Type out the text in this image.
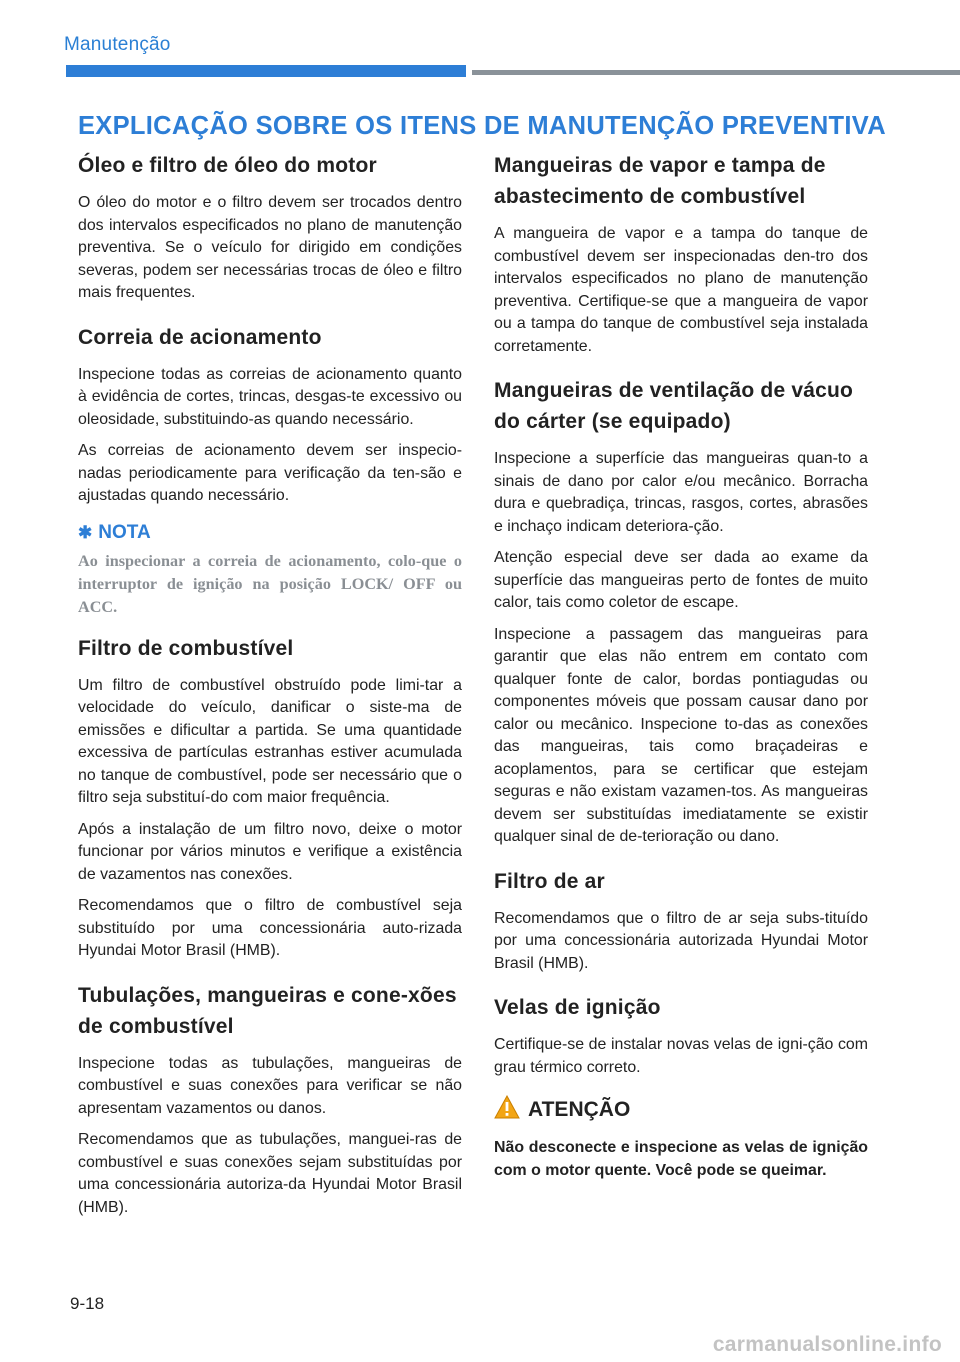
Manutenção
EXPLICAÇÃO SOBRE OS ITENS DE MANUTENÇÃO PREVENTIVA
Óleo e filtro de óleo do motor

O óleo do motor e o filtro devem ser trocados dentro dos intervalos especificados no plano de manutenção preventiva. Se o veículo for dirigido em condições severas, podem ser necessárias trocas de óleo e filtro mais frequentes.

Correia de acionamento

Inspecione todas as correias de acionamento quanto à evidência de cortes, trincas, desgas-te excessivo ou oleosidade, substituindo-as quando necessário.

As correias de acionamento devem ser inspecio-nadas periodicamente para verificação da ten-são e ajustadas quando necessário.

✱ NOTA

Ao inspecionar a correia de acionamento, colo-que o interruptor de ignição na posição LOCK/ OFF ou ACC.

Filtro de combustível

Um filtro de combustível obstruído pode limi-tar a velocidade do veículo, danificar o siste-ma de emissões e dificultar a partida. Se uma quantidade excessiva de partículas estranhas estiver acumulada no tanque de combustível, pode ser necessário que o filtro seja substituí-do com maior frequência.

Após a instalação de um filtro novo, deixe o motor funcionar por vários minutos e verifique a existência de vazamentos nas conexões.

Recomendamos que o filtro de combustível seja substituído por uma concessionária auto-rizada Hyundai Motor Brasil (HMB).

Tubulações, mangueiras e cone-xões de combustível

Inspecione todas as tubulações, mangueiras de combustível e suas conexões para verificar se não apresentam vazamentos ou danos.

Recomendamos que as tubulações, manguei-ras de combustível e suas conexões sejam substituídas por uma concessionária autoriza-da Hyundai Motor Brasil (HMB).

Mangueiras de vapor e tampa de abastecimento de combustível

A mangueira de vapor e a tampa do tanque de combustível devem ser inspecionadas den-tro dos intervalos especificados no plano de manutenção preventiva. Certifique-se que a mangueira de vapor ou a tampa do tanque de combustível seja instalada corretamente.

Mangueiras de ventilação de vácuo do cárter (se equipado)

Inspecione a superfície das mangueiras quan-to a sinais de dano por calor e/ou mecânico. Borracha dura e quebradiça, trincas, rasgos, cortes, abrasões e inchaço indicam deteriora-ção.

Atenção especial deve ser dada ao exame da superfície das mangueiras perto de fontes de muito calor, tais como coletor de escape.

Inspecione a passagem das mangueiras para garantir que elas não entrem em contato com qualquer fonte de calor, bordas pontiagudas ou componentes móveis que possam causar dano por calor ou mecânico. Inspecione to-das as conexões das mangueiras, tais como braçadeiras e acoplamentos, para se certificar que estejam seguras e não existam vazamen-tos. As mangueiras devem ser substituídas imediatamente se existir qualquer sinal de de-terioração ou dano.

Filtro de ar

Recomendamos que o filtro de ar seja subs-tituído por uma concessionária autorizada Hyundai Motor Brasil (HMB).

Velas de ignição

Certifique-se de instalar novas velas de igni-ção com grau térmico correto.

ATENÇÃO

Não desconecte e inspecione as velas de ignição com o motor quente. Você pode se queimar.

9-18
carmanualsonline.info
